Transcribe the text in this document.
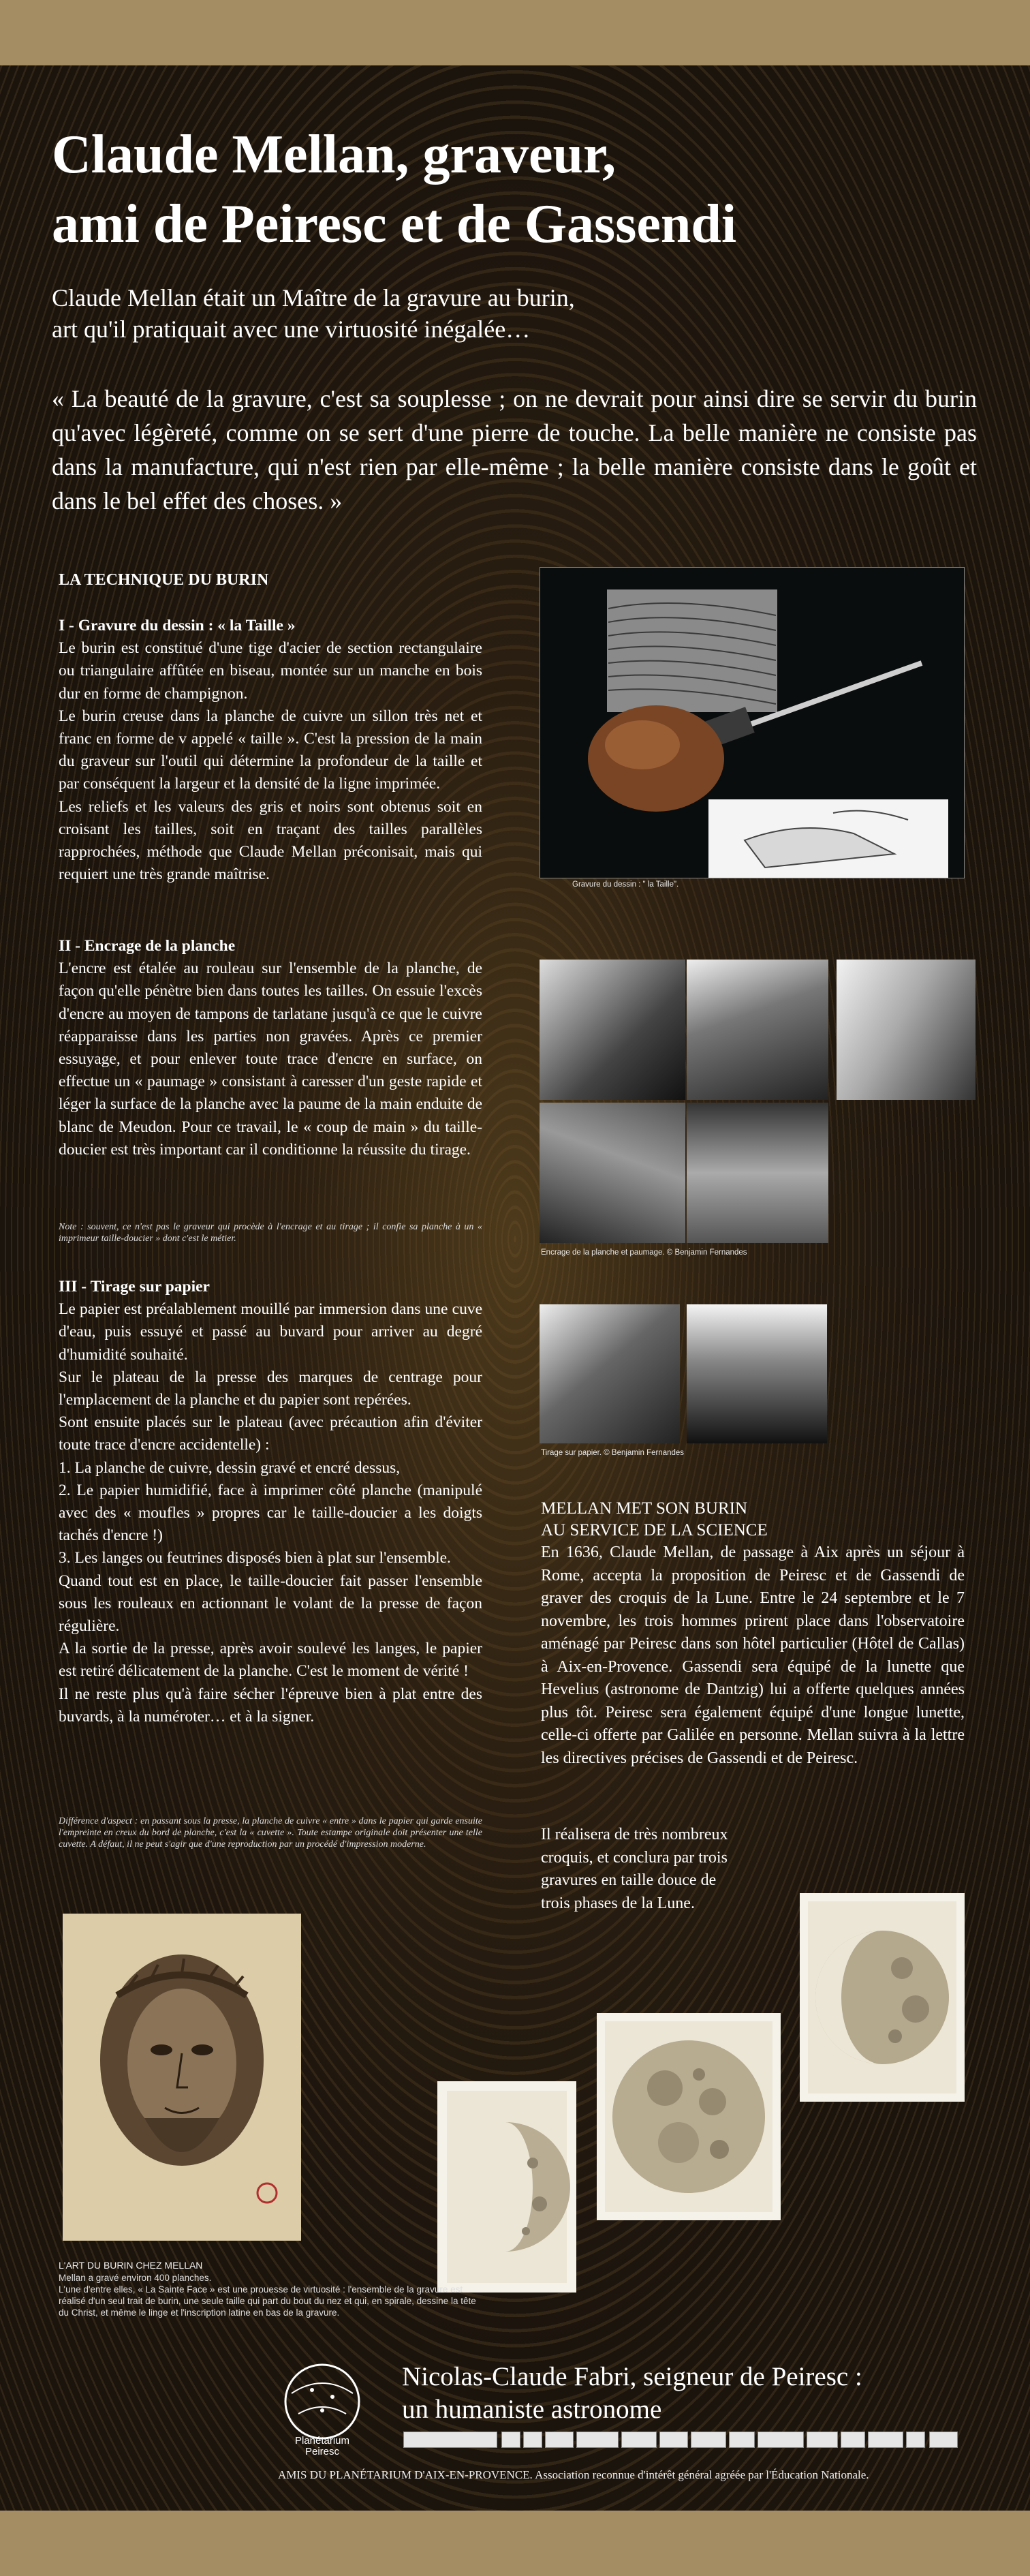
Claude Mellan, graveur,
ami de Peiresc et de Gassendi
Claude Mellan était un Maître de la gravure au burin,
art qu'il pratiquait avec une virtuosité inégalée…
« La beauté de la gravure, c'est sa souplesse ; on ne devrait pour ainsi dire se servir du burin qu'avec légèreté, comme on se sert d'une pierre de touche. La belle manière ne consiste pas dans la manufacture, qui n'est rien par elle-même ; la belle manière consiste dans le goût et dans le bel effet des choses. »
LA TECHNIQUE DU BURIN

I - Gravure du dessin : « la Taille »

Le burin est constitué d'une tige d'acier de section rectangulaire ou triangulaire affûtée en biseau, montée sur un manche en bois dur en forme de champignon.

Le burin creuse dans la planche de cuivre un sillon très net et franc en forme de v appelé « taille ». C'est la pression de la main du graveur sur l'outil qui détermine la profondeur de la taille et par conséquent la largeur et la densité de la ligne imprimée.

Les reliefs et les valeurs des gris et noirs sont obtenus soit en croisant les tailles, soit en traçant des tailles parallèles rapprochées, méthode que Claude Mellan préconisait, mais qui requiert une très grande maîtrise.

II - Encrage de la planche

L'encre est étalée au rouleau sur l'ensemble de la planche, de façon qu'elle pénètre bien dans toutes les tailles. On essuie l'excès d'encre au moyen de tampons de tarlatane jusqu'à ce que le cuivre réapparaisse dans les parties non gravées. Après ce premier essuyage, et pour enlever toute trace d'encre en surface, on effectue un « paumage » consistant à caresser d'un geste rapide et léger la surface de la planche avec la paume de la main enduite de blanc de Meudon. Pour ce travail, le « coup de main » du taille-doucier est très important car il conditionne la réussite du tirage.

Note : souvent, ce n'est pas le graveur qui procède à l'encrage et au tirage ; il confie sa planche à un « imprimeur taille-doucier » dont c'est le métier.

III - Tirage sur papier

Le papier est préalablement mouillé par immersion dans une cuve d'eau, puis essuyé et passé au buvard pour arriver au degré d'humidité souhaité.

Sur le plateau de la presse des marques de centrage pour l'emplacement de la planche et du papier sont repérées.

Sont ensuite placés sur le plateau (avec précaution afin d'éviter toute trace d'encre accidentelle) :

1. La planche de cuivre, dessin gravé et encré dessus,

2. Le papier humidifié, face à imprimer côté planche (manipulé avec des « moufles » propres car le taille-doucier a les doigts tachés d'encre !)

3. Les langes ou feutrines disposés bien à plat sur l'ensemble.

Quand tout est en place, le taille-doucier fait passer l'ensemble sous les rouleaux en actionnant le volant de la presse de façon régulière.

A la sortie de la presse, après avoir soulevé les langes, le papier est retiré délicatement de la planche. C'est le moment de vérité !

Il ne reste plus qu'à faire sécher l'épreuve bien à plat entre des buvards, à la numéroter… et à la signer.

Différence d'aspect : en passant sous la presse, la planche de cuivre « entre » dans le papier qui garde ensuite l'empreinte en creux du bord de planche, c'est la « cuvette ». Toute estampe originale doit présenter une telle cuvette. A défaut, il ne peut s'agir que d'une reproduction par un procédé d'impression moderne.
Gravure du dessin : " la Taille".
Encrage de la planche et paumage. © Benjamin Fernandes
Tirage sur papier. © Benjamin Fernandes
MELLAN MET SON BURIN
AU SERVICE DE LA SCIENCE
En 1636, Claude Mellan, de passage à Aix après un séjour à Rome, accepta la proposition de Peiresc et de Gassendi de graver des croquis de la Lune. Entre le 24 septembre et le 7 novembre, les trois hommes prirent place dans l'observatoire aménagé par Peiresc dans son hôtel particulier (Hôtel de Callas) à Aix-en-Provence. Gassendi sera équipé de la lunette que Hevelius (astronome de Dantzig) lui a offerte quelques années plus tôt. Peiresc sera également équipé d'une longue lunette, celle-ci offerte par Galilée en personne. Mellan suivra à la lettre les directives précises de Gassendi et de Peiresc.
Il réalisera de très nombreux
croquis, et conclura par trois
gravures en taille douce de
trois phases de la Lune.
L'ART DU BURIN CHEZ MELLAN
Mellan a gravé environ 400 planches.
L'une d'entre elles, « La Sainte Face » est une prouesse de virtuosité : l'ensemble de la gravure est réalisé d'un seul trait de burin, une seule taille qui part du bout du nez et qui, en spirale, dessine la tête du Christ, et même le linge et l'inscription latine en bas de la gravure.
Planétarium
Peiresc
Nicolas-Claude Fabri, seigneur de Peiresc :
un humaniste astronome
AMIS DU PLANÉTARIUM D'AIX-EN-PROVENCE. Association reconnue d'intérêt général agréée par l'Éducation Nationale.
